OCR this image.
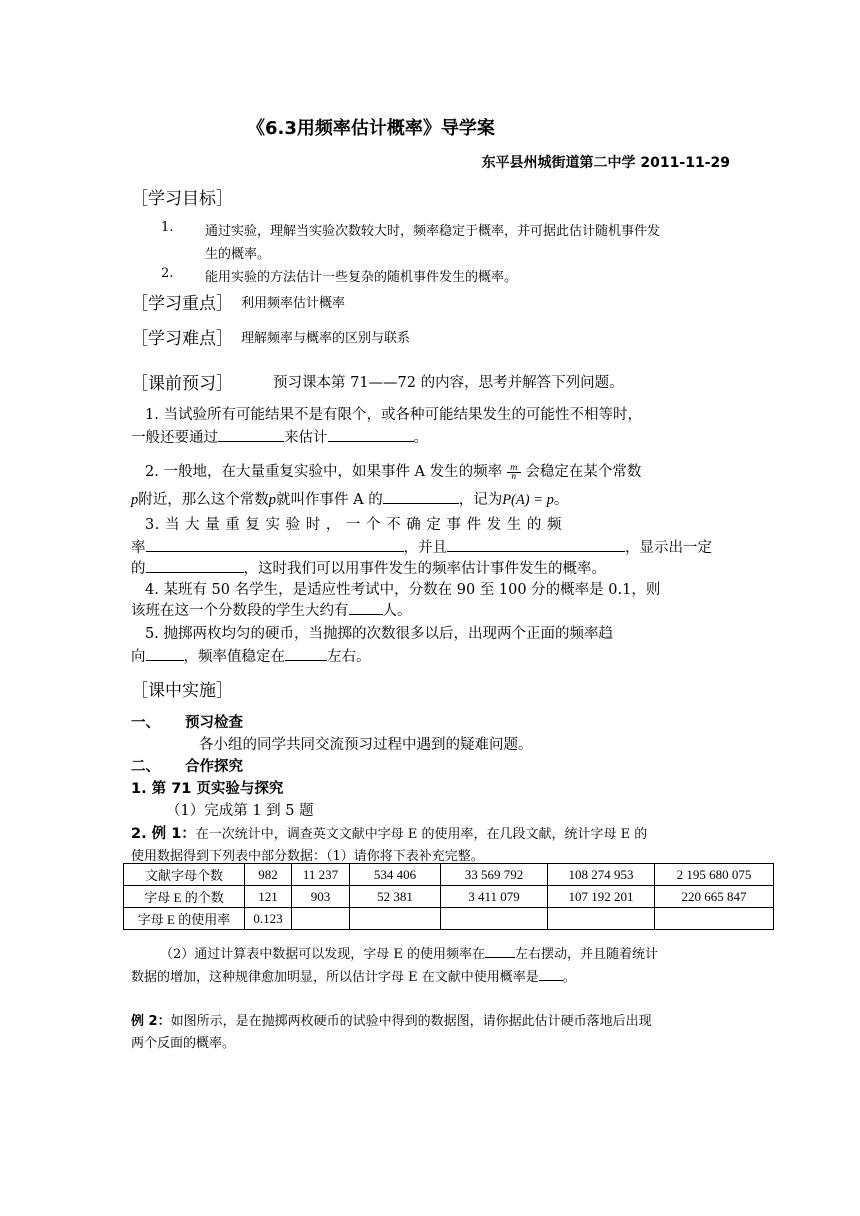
《6.3用频率估计概率》导学案
东平县州城街道第二中学 2011-11-29
［学习目标］
1. 通过实验，理解当实验次数较大时，频率稳定于概率，并可据此估计随机事件发
生的概率。
2. 能用实验的方法估计一些复杂的随机事件发生的概率。
［学习重点］ 利用频率估计概率
［学习难点］ 理解频率与概率的区别与联系
［课前预习］	预习课本第 71——72 的内容，思考并解答下列问题。
1. 当试验所有可能结果不是有限个，或各种可能结果发生的可能性不相等时，
一般还要通过	来估计	。
2. 一般地，在大量重复实验中，如果事件 A 发生的频率 $\frac{m}{n}$ 会稳定在某个常数
p附近，那么这个常数p就叫作事件 A 的	，记为P(A) = p。
3. 当 大 量 重 复 实 验 时 ， 一 个 不 确 定 事 件 发 生 的 频
率	，并且	，显示出一定
的	，这时我们可以用事件发生的频率估计事件发生的概率。
4. 某班有 50 名学生，是适应性考试中，分数在 90 至 100 分的概率是 0.1，则
该班在这一个分数段的学生大约有 人。
5. 抛掷两枚均匀的硬币，当抛掷的次数很多以后，出现两个正面的频率趋
向	，频率值稳定在	左右。
［课中实施］
一、 预习检查
各小组的同学共同交流预习过程中遇到的疑难问题。
二、 合作探究
1. 第 71 页实验与探究
（1）完成第 1 到 5 题
2. 例 1：在一次统计中，调查英文文献中字母 E 的使用率，在几段文献，统计字母 E 的
使用数据得到下列表中部分数据：（1）请你将下表补充完整。
文献字母个数	982	11 237	534 406	33 569 792	108 274 953	2 195 680 075
字母 E 的个数	121	903	52 381	3 411 079	107 192 201	220 665 847
字母 E 的使用率	0.123					
（2）通过计算表中数据可以发现，字母 E 的使用频率在 左右摆动，并且随着统计
数据的增加，这种规律愈加明显，所以估计字母 E 在文献中使用概率是 。
例 2：如图所示，是在抛掷两枚硬币的试验中得到的数据图，请你据此估计硬币落地后出现
两个反面的概率。
